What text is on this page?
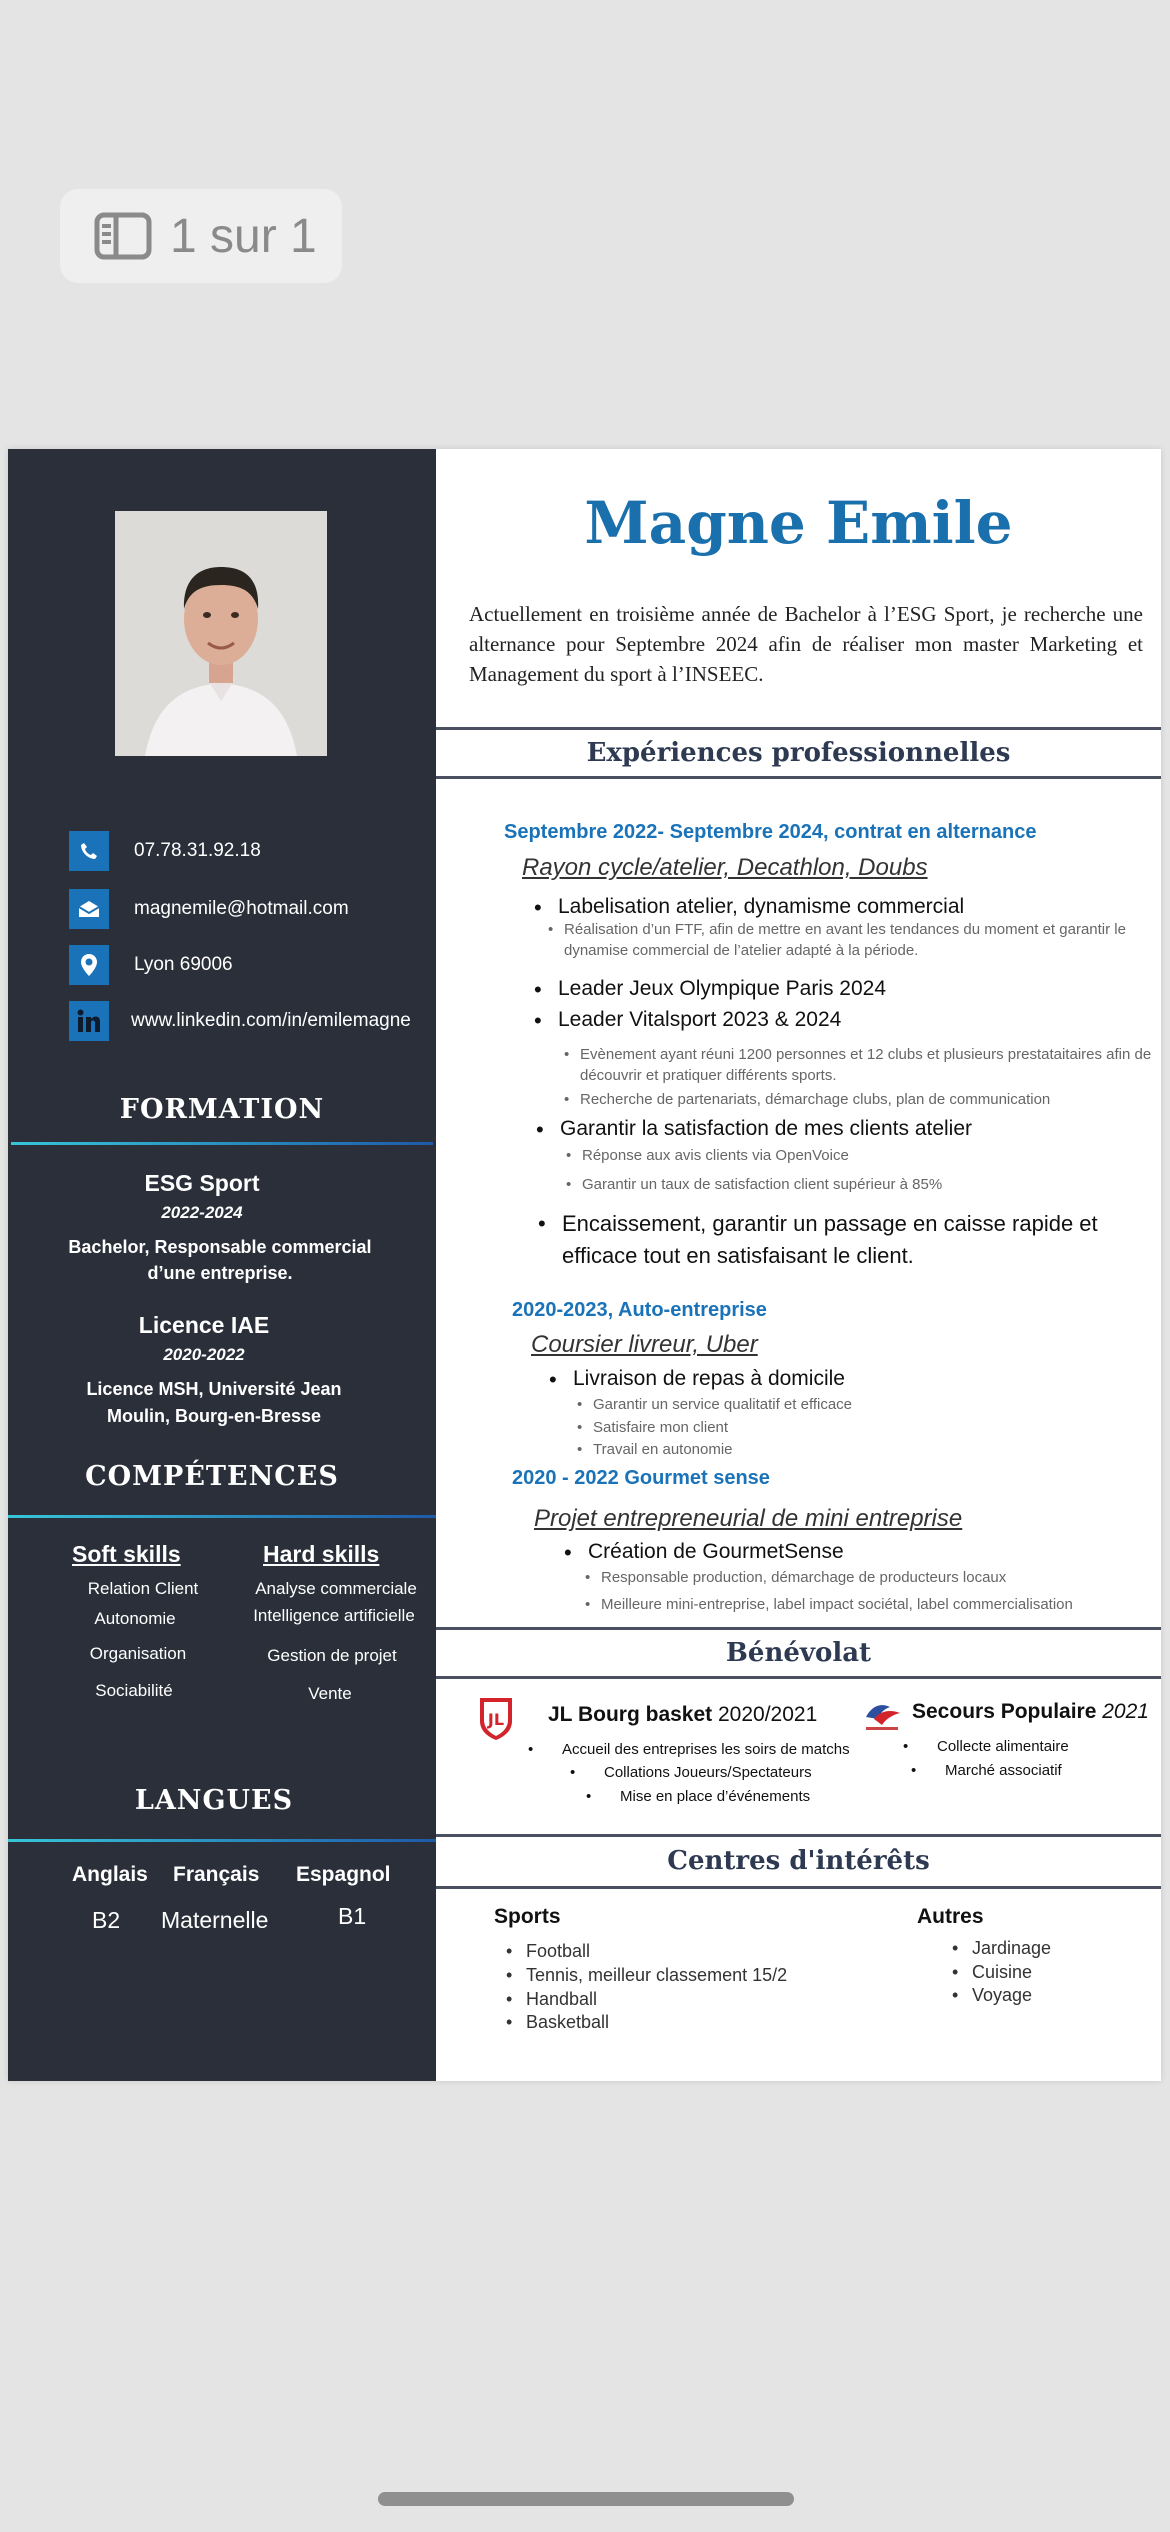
1 sur 1
07.78.31.92.18
magnemile@hotmail.com
Lyon 69006
www.linkedin.com/in/emilemagne
FORMATION
ESG Sport
2022-2024
Bachelor, Responsable commercial
d’une entreprise.
Licence IAE
2020-2022
Licence MSH, Université Jean
Moulin, Bourg-en-Bresse
COMPÉTENCES
Soft skills	Hard skills
Relation Client
Autonomie
Organisation
Sociabilité
Analyse commerciale
Intelligence artificielle
Gestion de projet
Vente
LANGUES
Anglais Français Espagnol
B2 Maternelle	B1
Magne Emile
Actuellement en troisième année de Bachelor à l’ESG Sport, je recherche une alternance pour Septembre 2024 afin de réaliser mon master Marketing et Management du sport à l’INSEEC.
Expériences professionnelles
Septembre 2022- Septembre 2024, contrat en alternance
Rayon cycle/atelier, Decathlon, Doubs
• Labelisation atelier, dynamisme commercial
• Réalisation d’un FTF, afin de mettre en avant les tendances du moment et garantir le dynamise commercial de l’atelier adapté à la période.
• Leader Jeux Olympique Paris 2024
• Leader Vitalsport 2023 & 2024
• Evènement ayant réuni 1200 personnes et 12 clubs et plusieurs prestataitaires afin de découvrir et pratiquer différents sports.
• Recherche de partenariats, démarchage clubs, plan de communication
• Garantir la satisfaction de mes clients atelier
• Réponse aux avis clients via OpenVoice
• Garantir un taux de satisfaction client supérieur à 85%
• Encaissement, garantir un passage en caisse rapide et
efficace tout en satisfaisant le client.
2020-2023, Auto-entreprise
Coursier livreur, Uber
• Livraison de repas à domicile
• Garantir un service qualitatif et efficace
• Satisfaire mon client
• Travail en autonomie
2020 - 2022 Gourmet sense
Projet entrepreneurial de mini entreprise
• Création de GourmetSense
• Responsable production, démarchage de producteurs locaux
• Meilleure mini-entreprise, label impact sociétal, label commercialisation
Bénévolat
JL JL Bourg basket 2020/2021
• Accueil des entreprises les soirs de matchs
• Collations Joueurs/Spectateurs
• Mise en place d’événements
Secours Populaire 2021
• Collecte alimentaire
• Marché associatif
Centres d'intérêts
Sports
• Football
• Tennis, meilleur classement 15/2
• Handball
• Basketball
Autres
• Jardinage
• Cuisine
• Voyage
